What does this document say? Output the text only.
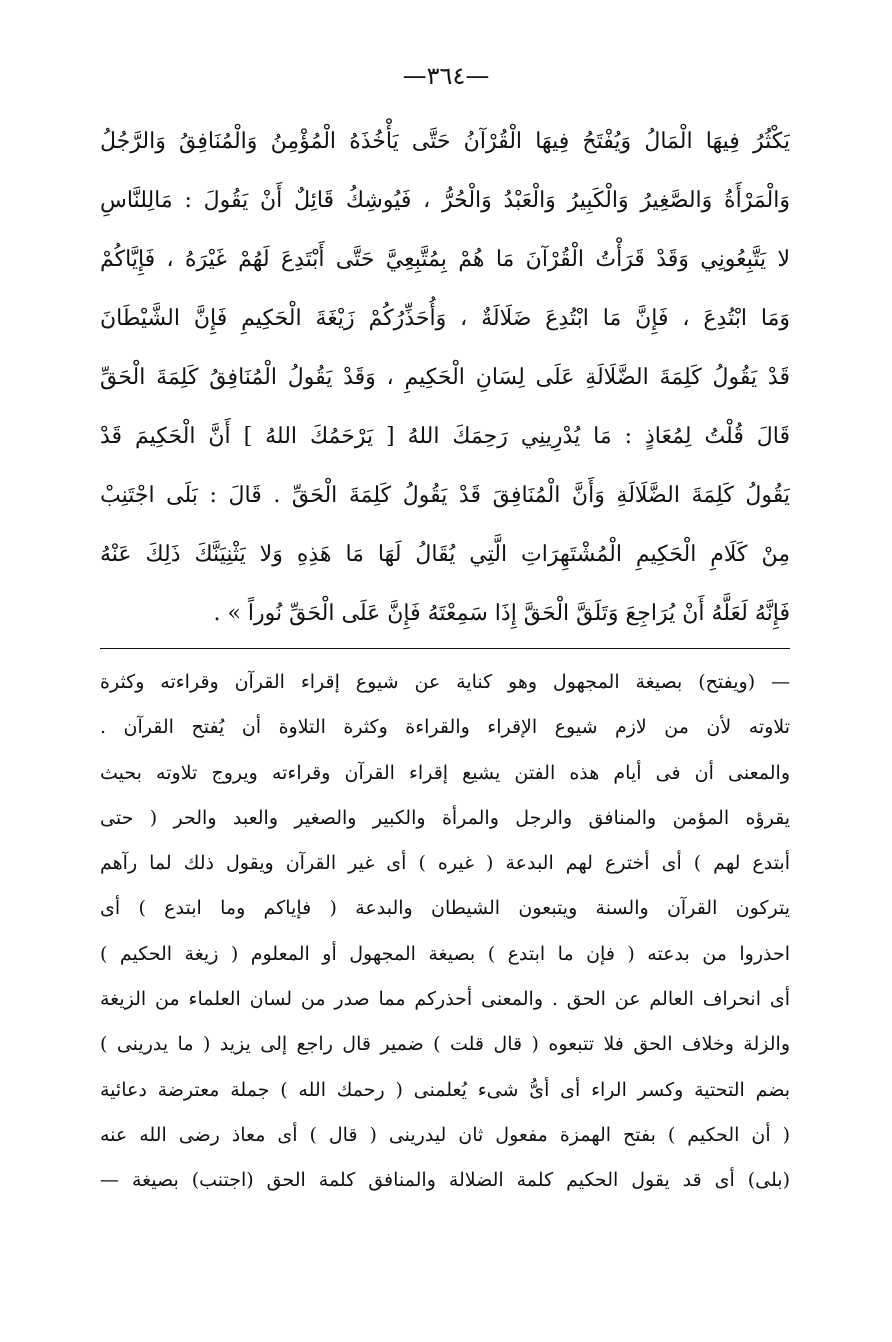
—٣٦٤—
يَكْثُرُ فِيهَا الْمَالُ وَيُفْتَحُ فِيهَا الْقُرْآنُ حَتَّى يَأْخُذَهُ الْمُؤْمِنُ وَالْمُنَافِقُ وَالرَّجُلُ
وَالْمَرْأَةُ وَالصَّغِيرُ وَالْكَبِيرُ وَالْعَبْدُ وَالْحُرُّ ، فَيُوشِكُ قَائِلٌ أَنْ يَقُولَ : مَالِلنَّاسِ
لا يَتَّبِعُونِي وَقَدْ قَرَأْتُ الْقُرْآنَ مَا هُمْ بِمُتَّبِعِيَّ حَتَّى أَبْتَدِعَ لَهُمْ غَيْرَهُ ، فَإِيَّاكُمْ
وَمَا ابْتُدِعَ ، فَإِنَّ مَا ابْتُدِعَ ضَلَالَةٌ ، وَأُحَذِّرُكُمْ زَيْغَةَ الْحَكِيمِ فَإِنَّ الشَّيْطَانَ
قَدْ يَقُولُ كَلِمَةَ الضَّلَالَةِ عَلَى لِسَانِ الْحَكِيمِ ، وَقَدْ يَقُولُ الْمُنَافِقُ كَلِمَةَ الْحَقِّ
قَالَ قُلْتُ لِمُعَاذٍ : مَا يُدْرِينِي رَحِمَكَ اللهُ [ يَرْحَمُكَ اللهُ ] أَنَّ الْحَكِيمَ قَدْ
يَقُولُ كَلِمَةَ الضَّلَالَةِ وَأَنَّ الْمُنَافِقَ قَدْ يَقُولُ كَلِمَةَ الْحَقِّ . قَالَ : بَلَى اجْتَنِبْ
مِنْ كَلَامِ الْحَكِيمِ الْمُشْتَهِرَاتِ الَّتِي يُقَالُ لَهَا مَا هَذِهِ وَلا يَثْنِيَنَّكَ ذَلِكَ عَنْهُ
فَإِنَّهُ لَعَلَّهُ أَنْ يُرَاجِعَ وَتَلَقَّ الْحَقَّ إِذَا سَمِعْتَهُ فَإِنَّ عَلَى الْحَقِّ نُوراً » .
— (ويفتح) بصيغة المجهول وهو كناية عن شيوع إقراء القرآن وقراءته وكثرة
تلاوته لأن من لازم شيوع الإقراء والقراءة وكثرة التلاوة أن يُفتح القرآن .
والمعنى أن فى أيام هذه الفتن يشيع إقراء القرآن وقراءته ويروج تلاوته بحيث
يقرؤه المؤمن والمنافق والرجل والمرأة والكبير والصغير والعبد والحر ( حتى
أبتدع لهم ) أى أخترع لهم البدعة ( غيره ) أى غير القرآن ويقول ذلك لما رآهم
يتركون القرآن والسنة ويتبعون الشيطان والبدعة ( فإياكم وما ابتدع ) أى
احذروا من بدعته ( فإن ما ابتدع ) بصيغة المجهول أو المعلوم ( زيغة الحكيم )
أى انحراف العالم عن الحق . والمعنى أحذركم مما صدر من لسان العلماء من الزيغة
والزلة وخلاف الحق فلا تتبعوه ( قال قلت ) ضمير قال راجع إلى يزيد ( ما يدرينى )
بضم التحتية وكسر الراء أى أىُّ شىء يُعلمنى ( رحمك الله ) جملة معترضة دعائية
( أن الحكيم ) بفتح الهمزة مفعول ثان ليدرينى ( قال ) أى معاذ رضى الله عنه
(بلى) أى قد يقول الحكيم كلمة الضلالة والمنافق كلمة الحق (اجتنب) بصيغة —
